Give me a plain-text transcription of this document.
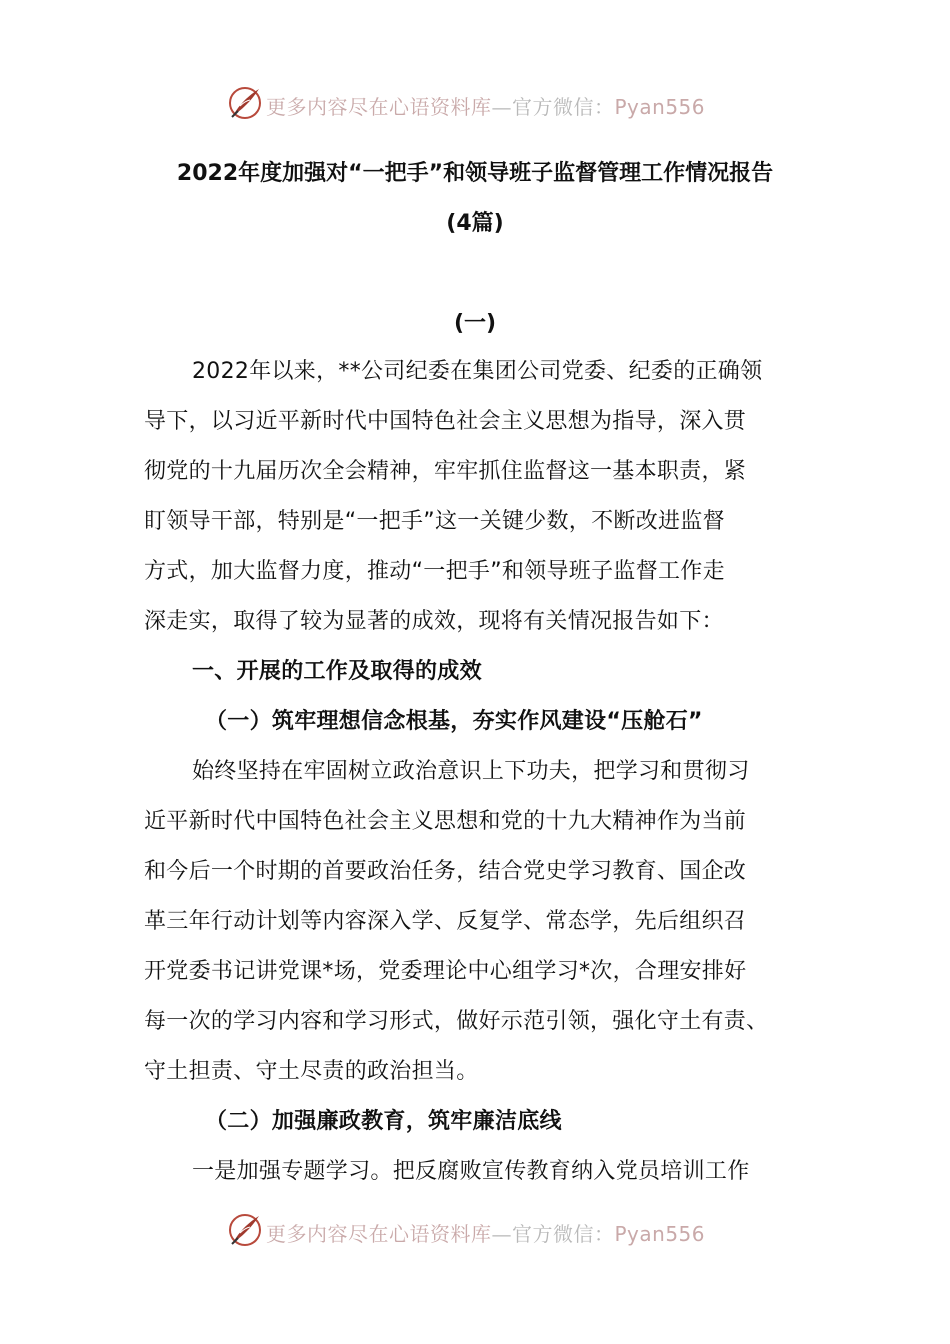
更多内容尽在心语资料库—官方微信：Pyan556
2022年度加强对“一把手”和领导班子监督管理工作情况报告
(4篇)
(一)
2022年以来，**公司纪委在集团公司党委、纪委的正确领
导下，以习近平新时代中国特色社会主义思想为指导，深入贯
彻党的十九届历次全会精神，牢牢抓住监督这一基本职责，紧
盯领导干部，特别是“一把手”这一关键少数，不断改进监督
方式，加大监督力度，推动“一把手”和领导班子监督工作走
深走实，取得了较为显著的成效，现将有关情况报告如下：
一、开展的工作及取得的成效
（一）筑牢理想信念根基，夯实作风建设“压舱石”
始终坚持在牢固树立政治意识上下功夫，把学习和贯彻习
近平新时代中国特色社会主义思想和党的十九大精神作为当前
和今后一个时期的首要政治任务，结合党史学习教育、国企改
革三年行动计划等内容深入学、反复学、常态学，先后组织召
开党委书记讲党课*场，党委理论中心组学习*次，合理安排好
每一次的学习内容和学习形式，做好示范引领，强化守土有责、
守土担责、守土尽责的政治担当。
（二）加强廉政教育，筑牢廉洁底线
一是加强专题学习。把反腐败宣传教育纳入党员培训工作
更多内容尽在心语资料库—官方微信：Pyan556
